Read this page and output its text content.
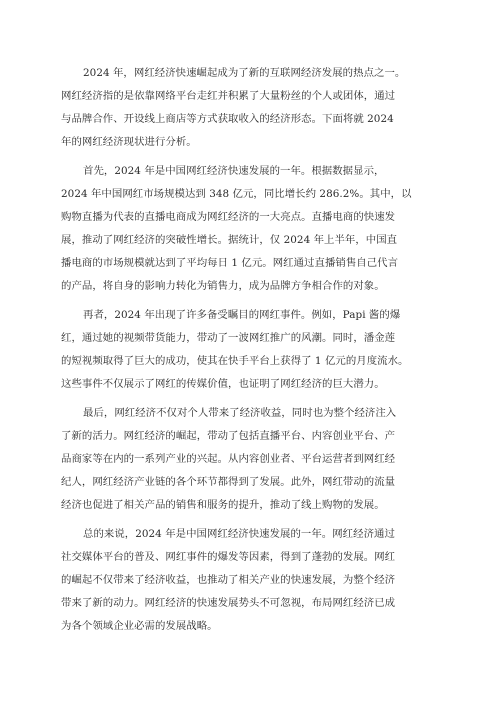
2024 年，网红经济快速崛起成为了新的互联网经济发展的热点之一。
网红经济指的是依靠网络平台走红并积累了大量粉丝的个人或团体，通过
与品牌合作、开设线上商店等方式获取收入的经济形态。下面将就 2024
年的网红经济现状进行分析。
首先，2024 年是中国网红经济快速发展的一年。根据数据显示，
2024 年中国网红市场规模达到 348 亿元，同比增长约 286.2%。其中，以
购物直播为代表的直播电商成为网红经济的一大亮点。直播电商的快速发
展，推动了网红经济的突破性增长。据统计，仅 2024 年上半年，中国直
播电商的市场规模就达到了平均每日 1 亿元。网红通过直播销售自己代言
的产品，将自身的影响力转化为销售力，成为品牌方争相合作的对象。
再者，2024 年出现了许多备受瞩目的网红事件。例如，Papi 酱的爆
红，通过她的视频带货能力，带动了一波网红推广的风潮。同时，潘金莲
的短视频取得了巨大的成功，使其在快手平台上获得了 1 亿元的月度流水。
这些事件不仅展示了网红的传媒价值，也证明了网红经济的巨大潜力。
最后，网红经济不仅对个人带来了经济收益，同时也为整个经济注入
了新的活力。网红经济的崛起，带动了包括直播平台、内容创业平台、产
品商家等在内的一系列产业的兴起。从内容创业者、平台运营者到网红经
纪人，网红经济产业链的各个环节都得到了发展。此外，网红带动的流量
经济也促进了相关产品的销售和服务的提升，推动了线上购物的发展。
总的来说，2024 年是中国网红经济快速发展的一年。网红经济通过
社交媒体平台的普及、网红事件的爆发等因素，得到了蓬勃的发展。网红
的崛起不仅带来了经济收益，也推动了相关产业的快速发展，为整个经济
带来了新的动力。网红经济的快速发展势头不可忽视，布局网红经济已成
为各个领域企业必需的发展战略。
